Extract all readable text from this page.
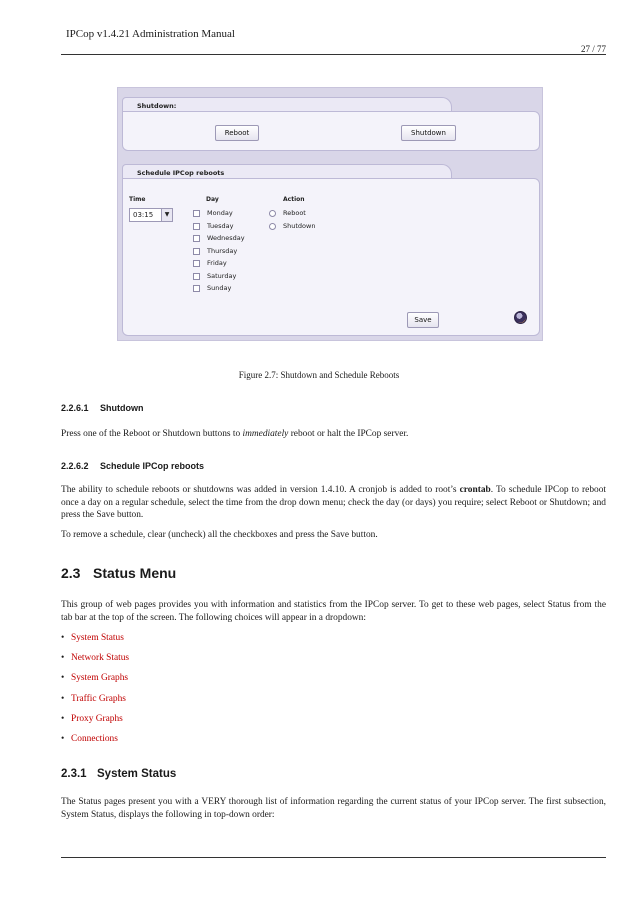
IPCop v1.4.21 Administration Manual
27 / 77
Shutdown:
Reboot	Shutdown
Schedule IPCop reboots
Time
03:15	▼
Day
Monday
Tuesday
Wednesday
Thursday
Friday
Saturday
Sunday
Action
Reboot
Shutdown
Save
Figure 2.7: Shutdown and Schedule Reboots
2.2.6.1 Shutdown
Press one of the Reboot or Shutdown buttons to immediately reboot or halt the IPCop server.
2.2.6.2 Schedule IPCop reboots
The ability to schedule reboots or shutdowns was added in version 1.4.10. A cronjob is added to root’s crontab. To schedule IPCop to reboot once a day on a regular schedule, select the time from the drop down menu; check the day (or days) you require; select Reboot or Shutdown; and press the Save button.
To remove a schedule, clear (uncheck) all the checkboxes and press the Save button.
2.3 Status Menu
This group of web pages provides you with information and statistics from the IPCop server. To get to these web pages, select Status from the tab bar at the top of the screen. The following choices will appear in a dropdown:
• System Status
• Network Status
• System Graphs
• Traffic Graphs
• Proxy Graphs
• Connections
2.3.1 System Status
The Status pages present you with a VERY thorough list of information regarding the current status of your IPCop server. The first subsection, System Status, displays the following in top-down order:
